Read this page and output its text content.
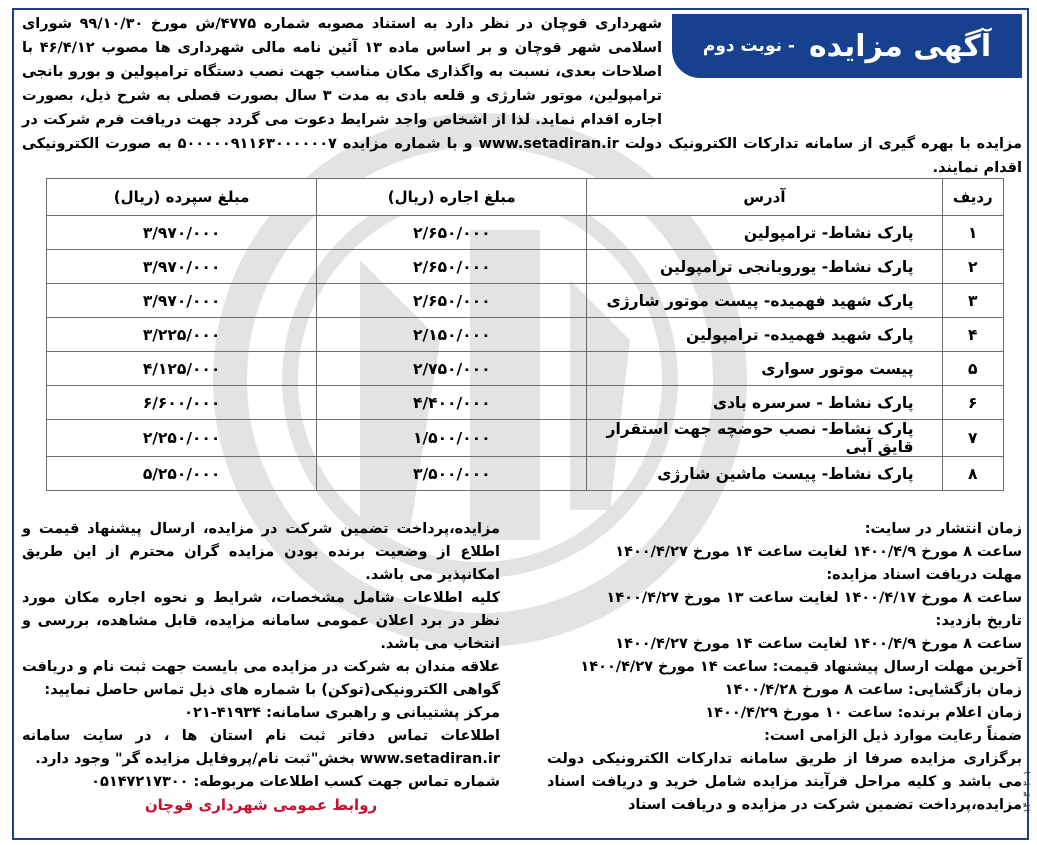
آگهی مزایده
- نوبت دوم
شهرداری قوچان در نظر دارد به استناد مصوبه شماره ۴۷۷۵/ش مورخ ۹۹/۱۰/۳۰ شورای اسلامی شهر قوچان و بر اساس ماده ۱۳ آئین نامه مالی شهرداری ها مصوب ۴۶/۴/۱۲ با اصلاحات بعدی، نسبت به واگذاری مکان مناسب جهت نصب دستگاه ترامپولین و بورو بانجی ترامپولین، موتور شارژی و قلعه بادی به مدت ۳ سال بصورت فصلی به شرح ذیل، بصورت اجاره اقدام نماید. لذا از اشخاص واجد شرایط دعوت می گردد جهت دریافت فرم شرکت در مزایده با بهره گیری از سامانه تدارکات الکترونیک دولت www.setadiran.ir و با شماره مزایده ۵۰۰۰۰۰۹۱۱۶۳۰۰۰۰۰۰۷ به صورت الکترونیکی اقدام نمایند.
ردیف	آدرس	مبلغ اجاره (ریال)	مبلغ سپرده (ریال)
۱	پارک نشاط- ترامپولین	۲/۶۵۰/۰۰۰	۳/۹۷۰/۰۰۰
۲	پارک نشاط- یوروبانجی ترامپولین	۲/۶۵۰/۰۰۰	۳/۹۷۰/۰۰۰
۳	پارک شهید فهمیده- پیست موتور شارژی	۲/۶۵۰/۰۰۰	۳/۹۷۰/۰۰۰
۴	پارک شهید فهمیده- ترامپولین	۲/۱۵۰/۰۰۰	۳/۲۲۵/۰۰۰
۵	پیست موتور سواری	۲/۷۵۰/۰۰۰	۴/۱۲۵/۰۰۰
۶	پارک نشاط - سرسره بادی	۴/۴۰۰/۰۰۰	۶/۶۰۰/۰۰۰
۷	پارک نشاط- نصب حوضچه جهت استقرار قایق آبی	۱/۵۰۰/۰۰۰	۲/۲۵۰/۰۰۰
۸	پارک نشاط- پیست ماشین شارژی	۳/۵۰۰/۰۰۰	۵/۲۵۰/۰۰۰
زمان انتشار در سایت:
ساعت ۸ مورخ ۱۴۰۰/۴/۹ لغایت ساعت ۱۴ مورخ ۱۴۰۰/۴/۲۷
مهلت دریافت اسناد مزایده:
ساعت ۸ مورخ ۱۴۰۰/۴/۱۷ لغایت ساعت ۱۳ مورخ ۱۴۰۰/۴/۲۷
تاریخ بازدید:
ساعت ۸ مورخ ۱۴۰۰/۴/۹ لغایت ساعت ۱۴ مورخ ۱۴۰۰/۴/۲۷
آخرین مهلت ارسال پیشنهاد قیمت: ساعت ۱۴ مورخ ۱۴۰۰/۴/۲۷
زمان بازگشایی: ساعت ۸ مورخ ۱۴۰۰/۴/۲۸
زمان اعلام برنده: ساعت ۱۰ مورخ ۱۴۰۰/۴/۲۹
ضمناً رعایت موارد ذیل الزامی است:
برگزاری مزایده صرفا از طریق سامانه تدارکات الکترونیکی دولت می باشد و کلیه مراحل فرآیند مزایده شامل خرید و دریافت اسناد مزایده،پرداخت تضمین شرکت در مزایده و دریافت اسناد
مزایده،پرداخت تضمین شرکت در مزایده، ارسال پیشنهاد قیمت و اطلاع از وضعیت برنده بودن مزایده گران محترم از این طریق امکانپذیر می باشد.
کلیه اطلاعات شامل مشخصات، شرایط و نحوه اجاره مکان مورد نظر در برد اعلان عمومی سامانه مزایده، قابل مشاهده، بررسی و انتخاب می باشد.
علاقه مندان به شرکت در مزایده می بایست جهت ثبت نام و دریافت گواهی الکترونیکی(توکن) با شماره های ذیل تماس حاصل نمایید:
مرکز پشتیبانی و راهبری سامانه: ۴۱۹۳۴-۰۲۱
اطلاعات تماس دفاتر ثبت نام استان ها ، در سایت سامانه www.setadiran.ir بخش"ثبت نام/پروفایل مزایده گر" وجود دارد.
شماره تماس جهت کسب اطلاعات مربوطه: ۰۵۱۴۷۲۱۷۳۰۰
روابط عمومی شهرداری قوچان	۱۴۰۳۰۲۰۱
